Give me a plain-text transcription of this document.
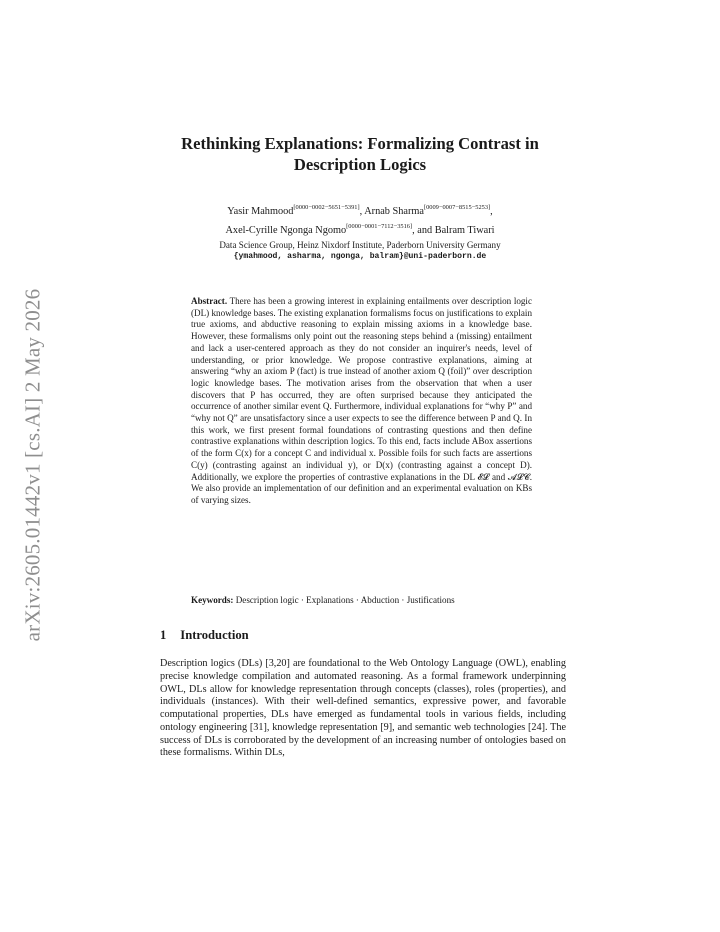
arXiv:2605.01442v1 [cs.AI] 2 May 2026
Rethinking Explanations: Formalizing Contrast in Description Logics
Yasir Mahmood[0000−0002−5651−5391], Arnab Sharma[0009−0007−8515−5253],
Axel-Cyrille Ngonga Ngomo[0000−0001−7112−3516], and Balram Tiwari
Data Science Group, Heinz Nixdorf Institute, Paderborn University Germany
{ymahmood, asharma, ngonga, balram}@uni-paderborn.de
Abstract. There has been a growing interest in explaining entailments over description logic (DL) knowledge bases. The existing explanation formalisms focus on justifications to explain true axioms, and abductive reasoning to explain missing axioms in a knowledge base. However, these formalisms only point out the reasoning steps behind a (missing) entailment and lack a user-centered approach as they do not consider an inquirer's needs, level of understanding, or prior knowledge. We propose contrastive explanations, aiming at answering “why an axiom P (fact) is true instead of another axiom Q (foil)” over description logic knowledge bases. The motivation arises from the observation that when a user discovers that P has occurred, they are often surprised because they anticipated the occurrence of another similar event Q. Furthermore, individual explanations for “why P” and “why not Q” are unsatisfactory since a user expects to see the difference between P and Q. In this work, we first present formal foundations of contrasting questions and then define contrastive explanations within description logics. To this end, facts include ABox assertions of the form C(x) for a concept C and individual x. Possible foils for such facts are assertions C(y) (contrasting against an individual y), or D(x) (contrasting against a concept D). Additionally, we explore the properties of contrastive explanations in the DL 𝓔𝓛 and 𝓐𝓛𝓒. We also provide an implementation of our definition and an experimental evaluation on KBs of varying sizes.
Keywords: Description logic · Explanations · Abduction · Justifications
1 Introduction
Description logics (DLs) [3,20] are foundational to the Web Ontology Language (OWL), enabling precise knowledge compilation and automated reasoning. As a formal framework underpinning OWL, DLs allow for knowledge representation through concepts (classes), roles (properties), and individuals (instances). With their well-defined semantics, expressive power, and favorable computational properties, DLs have emerged as fundamental tools in various fields, including ontology engineering [31], knowledge representation [9], and semantic web technologies [24]. The success of DLs is corroborated by the development of an increasing number of ontologies based on these formalisms. Within DLs,
